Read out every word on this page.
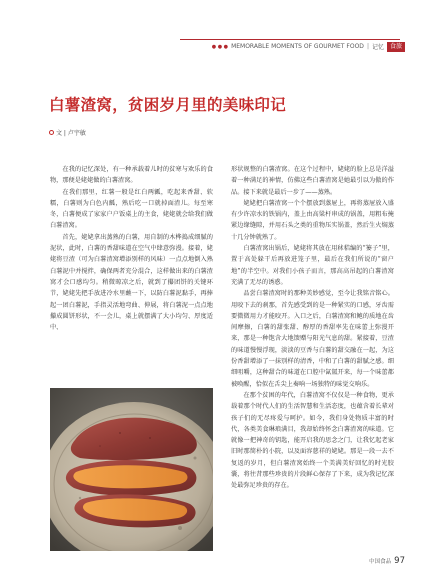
● ● ● MEMORABLE MOMENTS OF GOURMET FOOD | 记忆	食旅
白薯渣窝，贫困岁月里的美味印记
文 | 卢宇敏

在我的记忆深处，有一种承载着儿时的贫寒与欢乐的食物，那便是姥姥做的白薯渣窝。

在我们那里，红薯一般是红白两瓤，吃起来香甜、软糯，白薯则为白色内瓤，熟后吃一口就掉面渣儿。每至寒冬，白薯便成了家家户户饭桌上的主食，姥姥就会给我们做白薯渣窝。

首先，姥姥拿出蒸熟的白薯，用自制的木桦捣成细腻的泥状，此时，白薯的香甜味道在空气中肆意弥漫。接着，姥姥将豆渣（可为白薯渣窝增添别样的风味）一点点地倒入熟白薯泥中并搅拌，确保两者充分混合，这样做出来的白薯渣窝才会口感均匀。稍微晾凉之后，就到了攥团饼的关键环节，姥姥先把手放进冷水里蘸一下，以防白薯泥黏手，再捧起一团白薯泥，手指灵活地弯曲、伸展，将白薯泥一点点地攥成圆饼形状，不一会儿，桌上就摆满了大小均匀、厚度适中、

形状规整的白薯渣窝。在这个过程中，姥姥的脸上总是洋溢着一种满足的神情，仿佛这些白薯渣窝是她最引以为傲的作品。接下来就是最后一步了——蒸熟。

姥姥把白薯渣窝一个个摆放到蒸屉上，再将蒸屉放入盛有少许凉水的铁锅内，盖上由高粱杆串成的锅盖，用粗布掩紧边缘缝隙，并用石头之类的重物压实锅盖，然后生火焖蒸十几分钟就熟了。

白薯渣窝出锅后，姥姥将其放在用秫秸编的“篓子”里，置于高处躲干后再放进笼子里，最后在我们所说的“窗户地”的半空中。对我们小孩子而言，那高高吊起的白薯渣窝充满了无尽的诱惑。

品尝白薯渣窝时的那种美妙感觉，至今让我铭音铭心。用咬下去的刹那，首先感受到的是一种紧实的口感，牙齿需要微微用力才能咬开。入口之后，白薯渣窝和鲍的质地在齿间摩擦，白薯的甜张甜、醇厚的香甜率先在味蕾上弥漫开来，那是一种饱含大地馈赠与阳光气息的甜。紧接着，豆渣的味道慢慢浮现，淡淡的豆香与白薯的甜交融在一起，为这份香甜增添了一抹别样的清香，中和了白薯的甜腻之感。细细咀嚼，这种甜合的味道在口腔中氤氲开来，每一个味蕾都被唤醒，恰似在舌尖上奏响一场独特的味觉交响乐。

在那个贫困的年代，白薯渣窝不仅仅是一种食物，更承载着那个时代人们的生活智慧和生活态度，也蕴含着长辈对孩子们的无尽疼爱与呵护。如今，我们身处物质丰富的时代，各类美食琳琅满目，我却始终怀念白薯渣窝的味道。它就像一把神奇的钥匙，能开启我的思念之门，让我忆起老家旧时那简朴的小院，以及面容慈祥的姥姥。那是一段一去不复返的岁月，但白薯渣窝始终一个美满美好回忆的时光胶囊，将往昔那些珍贵的片段鲜心保存了下来，成为我记忆深处最弥足珍贵的存在。

中国食品 97
